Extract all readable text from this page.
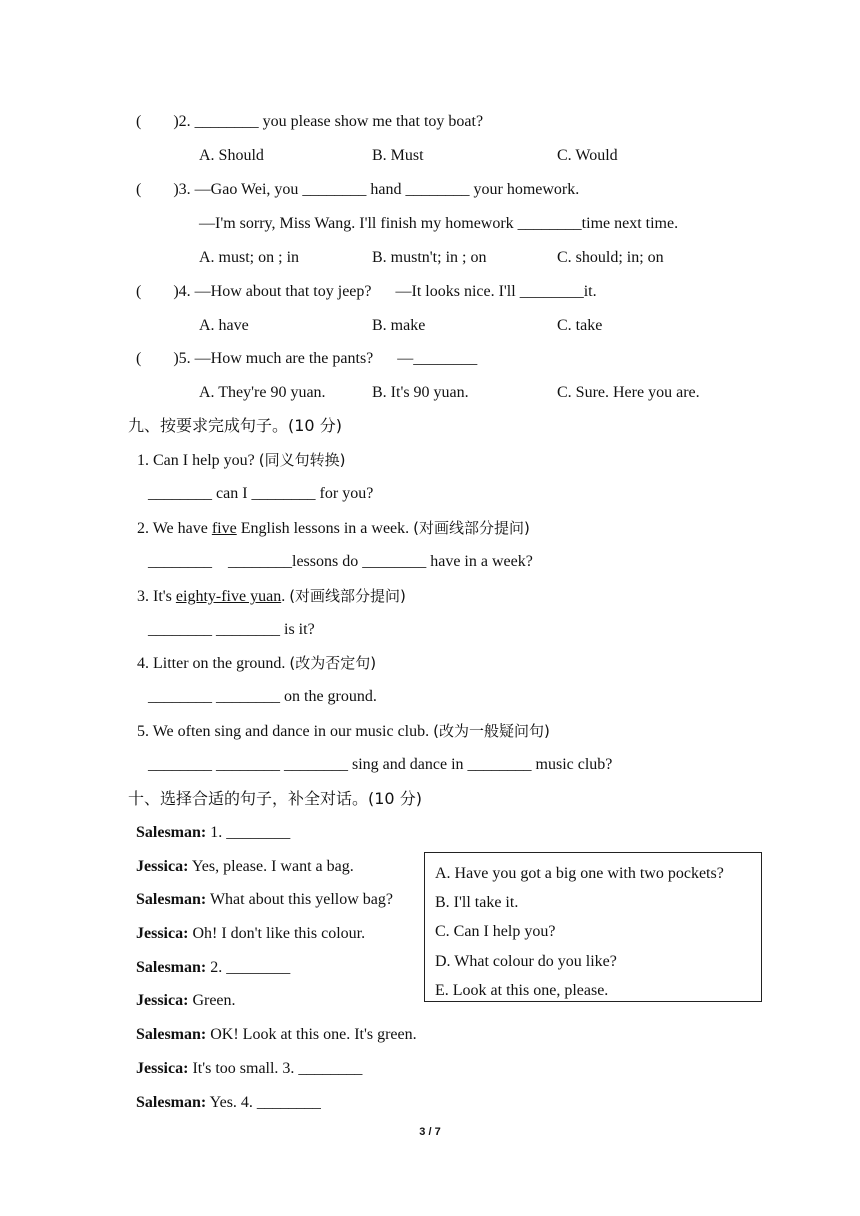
(        )2. ________ you please show me that toy boat?
A. Should	B. Must	C. Would
(        )3. —Gao Wei, you ________ hand ________ your homework.
—I'm sorry, Miss Wang. I'll finish my homework ________time next time.
A. must; on ; in	B. mustn't; in ; on	C. should; in; on
(        )4. —How about that toy jeep?      —It looks nice. I'll ________it.
A. have	B. make	C. take
(        )5. —How much are the pants?      —________
A. They're 90 yuan.	B. It's 90 yuan.	C. Sure. Here you are.
九、按要求完成句子。(10 分)
1. Can I help you? (同义句转换)
________ can I ________ for you?
2. We have five English lessons in a week. (对画线部分提问)
________    ________lessons do ________ have in a week?
3. It's eighty-five yuan. (对画线部分提问)
________ ________ is it?
4. Litter on the ground. (改为否定句)
________ ________ on the ground.
5. We often sing and dance in our music club. (改为一般疑问句)
________ ________ ________ sing and dance in ________ music club?
十、选择合适的句子，补全对话。(10 分)
Salesman: 1. ________
Jessica: Yes, please. I want a bag.
Salesman: What about this yellow bag?
Jessica: Oh! I don't like this colour.
Salesman: 2. ________
Jessica: Green.
Salesman: OK! Look at this one. It's green.
Jessica: It's too small. 3. ________
Salesman: Yes. 4. ________
A. Have you got a big one with two pockets?
B. I'll take it.
C. Can I help you?
D. What colour do you like?
E. Look at this one, please.
3 / 7
